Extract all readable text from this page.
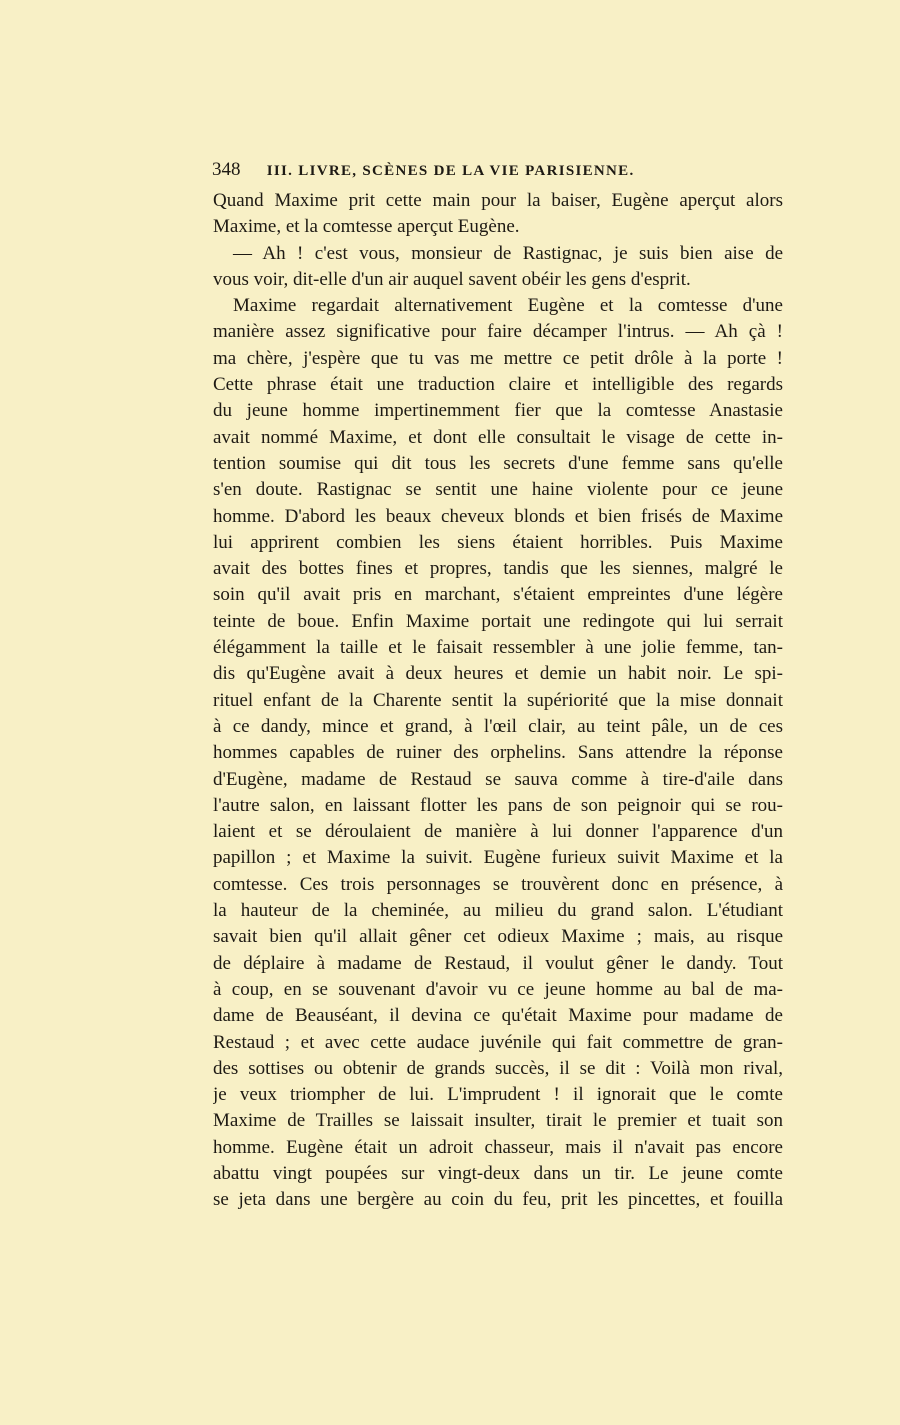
348 III. LIVRE, SCÈNES DE LA VIE PARISIENNE.
Quand Maxime prit cette main pour la baiser, Eugène aperçut alors
Maxime, et la comtesse aperçut Eugène.
— Ah ! c'est vous, monsieur de Rastignac, je suis bien aise de
vous voir, dit-elle d'un air auquel savent obéir les gens d'esprit.
Maxime regardait alternativement Eugène et la comtesse d'une
manière assez significative pour faire décamper l'intrus. — Ah çà !
ma chère, j'espère que tu vas me mettre ce petit drôle à la porte !
Cette phrase était une traduction claire et intelligible des regards
du jeune homme impertinemment fier que la comtesse Anastasie
avait nommé Maxime, et dont elle consultait le visage de cette in-
tention soumise qui dit tous les secrets d'une femme sans qu'elle
s'en doute. Rastignac se sentit une haine violente pour ce jeune
homme. D'abord les beaux cheveux blonds et bien frisés de Maxime
lui apprirent combien les siens étaient horribles. Puis Maxime
avait des bottes fines et propres, tandis que les siennes, malgré le
soin qu'il avait pris en marchant, s'étaient empreintes d'une légère
teinte de boue. Enfin Maxime portait une redingote qui lui serrait
élégamment la taille et le faisait ressembler à une jolie femme, tan-
dis qu'Eugène avait à deux heures et demie un habit noir. Le spi-
rituel enfant de la Charente sentit la supériorité que la mise donnait
à ce dandy, mince et grand, à l'œil clair, au teint pâle, un de ces
hommes capables de ruiner des orphelins. Sans attendre la réponse
d'Eugène, madame de Restaud se sauva comme à tire-d'aile dans
l'autre salon, en laissant flotter les pans de son peignoir qui se rou-
laient et se déroulaient de manière à lui donner l'apparence d'un
papillon ; et Maxime la suivit. Eugène furieux suivit Maxime et la
comtesse. Ces trois personnages se trouvèrent donc en présence, à
la hauteur de la cheminée, au milieu du grand salon. L'étudiant
savait bien qu'il allait gêner cet odieux Maxime ; mais, au risque
de déplaire à madame de Restaud, il voulut gêner le dandy. Tout
à coup, en se souvenant d'avoir vu ce jeune homme au bal de ma-
dame de Beauséant, il devina ce qu'était Maxime pour madame de
Restaud ; et avec cette audace juvénile qui fait commettre de gran-
des sottises ou obtenir de grands succès, il se dit : Voilà mon rival,
je veux triompher de lui. L'imprudent ! il ignorait que le comte
Maxime de Trailles se laissait insulter, tirait le premier et tuait son
homme. Eugène était un adroit chasseur, mais il n'avait pas encore
abattu vingt poupées sur vingt-deux dans un tir. Le jeune comte
se jeta dans une bergère au coin du feu, prit les pincettes, et fouilla
